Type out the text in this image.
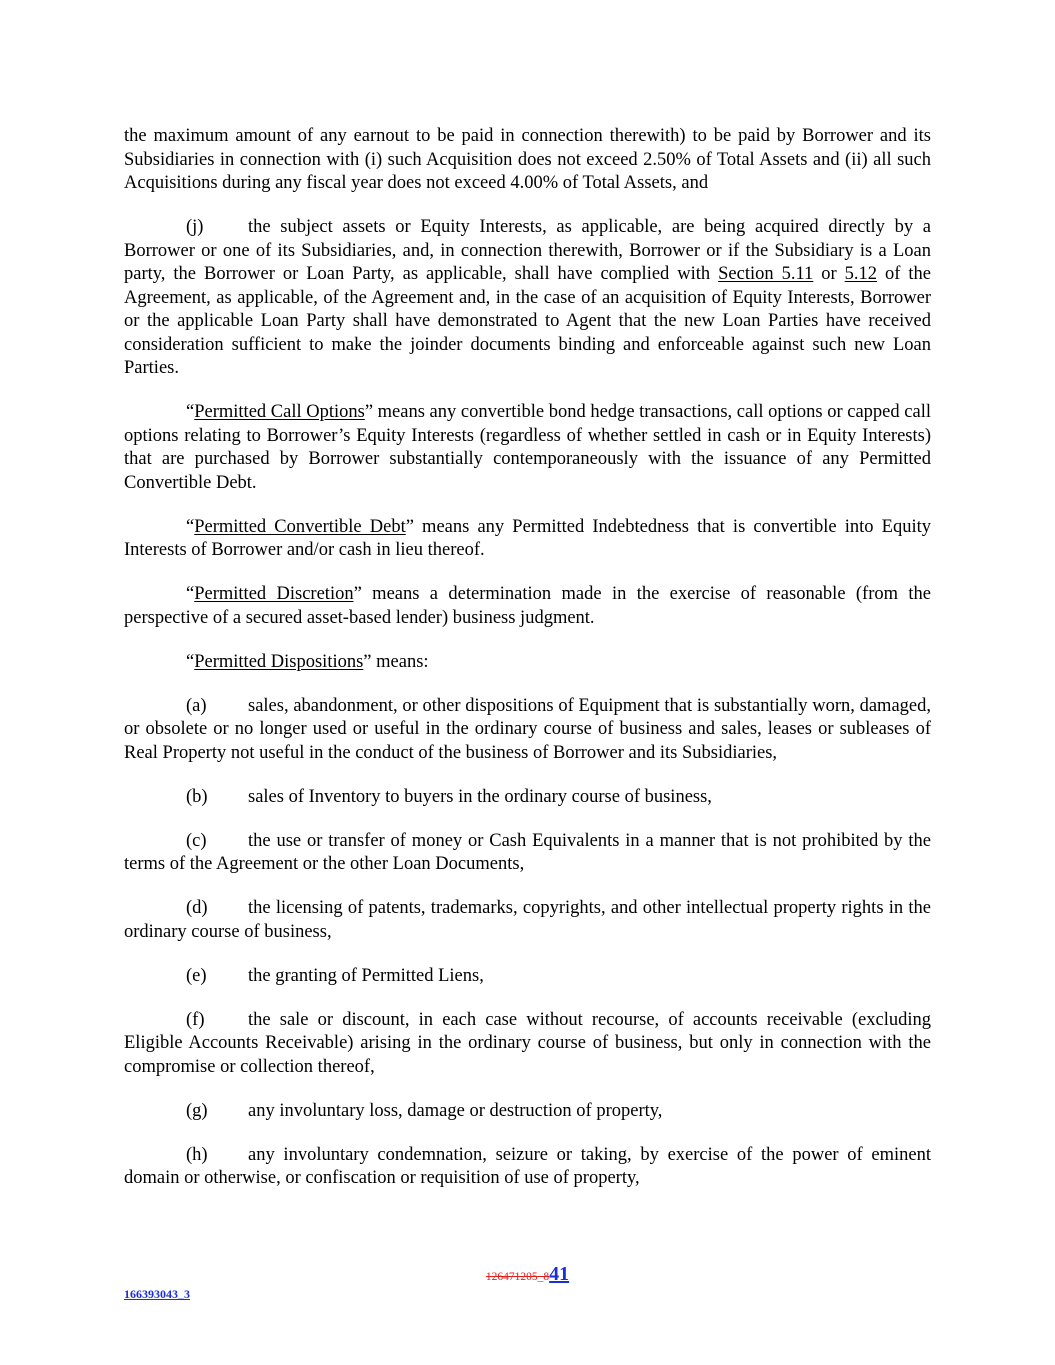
the maximum amount of any earnout to be paid in connection therewith) to be paid by Borrower and its Subsidiaries in connection with (i) such Acquisition does not exceed 2.50% of Total Assets and (ii) all such Acquisitions during any fiscal year does not exceed 4.00% of Total Assets, and

(j) the subject assets or Equity Interests, as applicable, are being acquired directly by a Borrower or one of its Subsidiaries, and, in connection therewith, Borrower or if the Subsidiary is a Loan party, the Borrower or Loan Party, as applicable, shall have complied with Section 5.11 or 5.12 of the Agreement, as applicable, of the Agreement and, in the case of an acquisition of Equity Interests, Borrower or the applicable Loan Party shall have demonstrated to Agent that the new Loan Parties have received consideration sufficient to make the joinder documents binding and enforceable against such new Loan Parties.

“Permitted Call Options” means any convertible bond hedge transactions, call options or capped call options relating to Borrower’s Equity Interests (regardless of whether settled in cash or in Equity Interests) that are purchased by Borrower substantially contemporaneously with the issuance of any Permitted Convertible Debt.

“Permitted Convertible Debt” means any Permitted Indebtedness that is convertible into Equity Interests of Borrower and/or cash in lieu thereof.

“Permitted Discretion” means a determination made in the exercise of reasonable (from the perspective of a secured asset-based lender) business judgment.

“Permitted Dispositions” means:

(a) sales, abandonment, or other dispositions of Equipment that is substantially worn, damaged, or obsolete or no longer used or useful in the ordinary course of business and sales, leases or subleases of Real Property not useful in the conduct of the business of Borrower and its Subsidiaries,

(b) sales of Inventory to buyers in the ordinary course of business,

(c) the use or transfer of money or Cash Equivalents in a manner that is not prohibited by the terms of the Agreement or the other Loan Documents,

(d) the licensing of patents, trademarks, copyrights, and other intellectual property rights in the ordinary course of business,

(e) the granting of Permitted Liens,

(f) the sale or discount, in each case without recourse, of accounts receivable (excluding Eligible Accounts Receivable) arising in the ordinary course of business, but only in connection with the compromise or collection thereof,

(g) any involuntary loss, damage or destruction of property,

(h) any involuntary condemnation, seizure or taking, by exercise of the power of eminent domain or otherwise, or confiscation or requisition of use of property,

126471205_841
166393043_3
